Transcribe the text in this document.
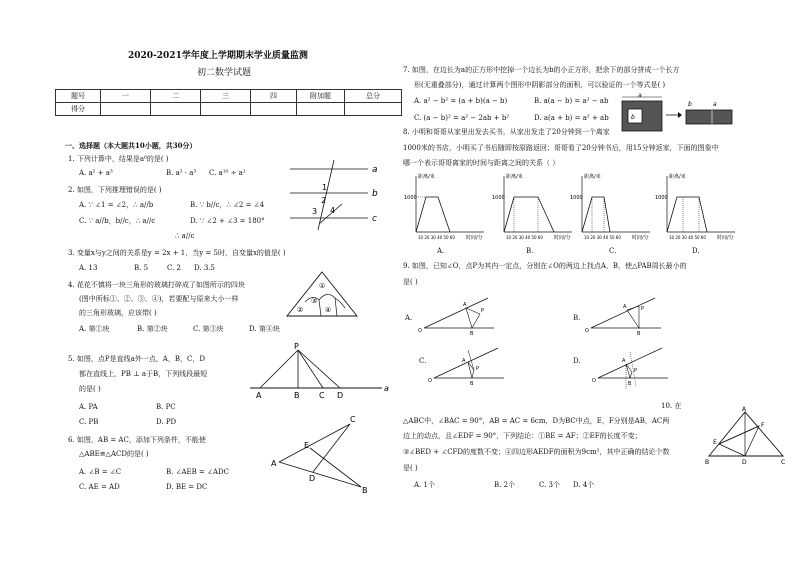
2020-2021学年度上学期期末学业质量监测
初二数学试题
题号	一	二	三	四	附加题	总分
得分						
一、选择题（本大题共10小题，共30分）
1. 下列计算中，结果是a⁶的是( )
A. a² + a³	B. a² · a³ C. a¹⁰ ÷ a²
2. 如图，下列推理错误的是( )
A. ∵ ∠1 = ∠2，∴ a//b	B. ∵ b//c，∴ ∠2 = ∠4
C. ∵ a//b，b//c，∴ a//c	D. ∵ ∠2 + ∠3 = 180°
∴ a//c
a
b
c
1
2
3 4
3. 变量x与y之间的关系是y = 2x + 1，当y = 5时，自变量x的值是( )
A. 13	B. 5	C. 2 D. 3.5
4. 花花不慎将一块三角形的玻璃打碎成了如图所示的四块
(图中所标①、②、③、④)，若要配与原来大小一样
的三角形玻璃，应该带( )
A. 第①块	B. 第②块	C. 第③块	D. 第④块
①
②
③
④
5. 如图，点P是直线a外一点，A，B，C，D
都在直线上，PB ⊥ a于B，下列线段最短
的是( )
A. PA	B. PC
C. PB	D. PD
P
A	B C D
a
6. 如图，AB = AC，添加下列条件，不能使
△ABE≌△ACD的是( )
A. ∠B = ∠C	B. ∠AEB = ∠ADC
C. AE = AD	D. BE = DC
A
B
C
D
E
7. 如图，在边长为a的正方形中挖掉一个边长为b的小正方形，把余下的部分拼成一个长方
形(无重叠部分)，通过计算两个图形中阴影部分的面积，可以验证的一个等式是( )
A. a² − b² = (a + b)(a − b)	B. a(a − b) = a² − ab
C. (a − b)² = a² − 2ab + b²	D. a(a + b) = a² + ab
a
b
b	a
8. 小明和哥哥从家里出发去买书，从家出发走了20分钟到一个离家
1000米的书店，小明买了书后随即按原路返回；哥哥看了20分钟书后，用15分钟返家，下面的图象中
哪一个表示哥哥离家的时间与距离之间的关系（ ）
距离/米
1000
10 20 30 40 50 60 时间/分
A.
距离/米
1000
10 20 30 40 50 60 时间/分
B.
距离/米
1000
10 20 30 40 50 60 时间/分
C.
距离/米
1000
10 20 30 40 50 60 时间/分
D.
9. 如图，已知∠O，点P为其内一定点，分别在∠O的两边上找点A，B，使△PAB周长最小的
是( )
A.
O
P
A
B
B.
O
P
A
B
C.
O
P
A
B
D.
O
P
A
B
10. 在
△ABC中，∠BAC = 90°，AB = AC = 6cm，D为BC中点，E，F分别是AB，AC两
边上的动点，且∠EDF = 90°，下列结论：①BE = AF；②EF的长度不变；
③∠BED + ∠CFD的度数不变；④四边形AEDF的面积为9cm²，其中正确的结论个数
是( )
A. 1个	B. 2个	C. 3个 D. 4个
A
B	C
D
E
F
